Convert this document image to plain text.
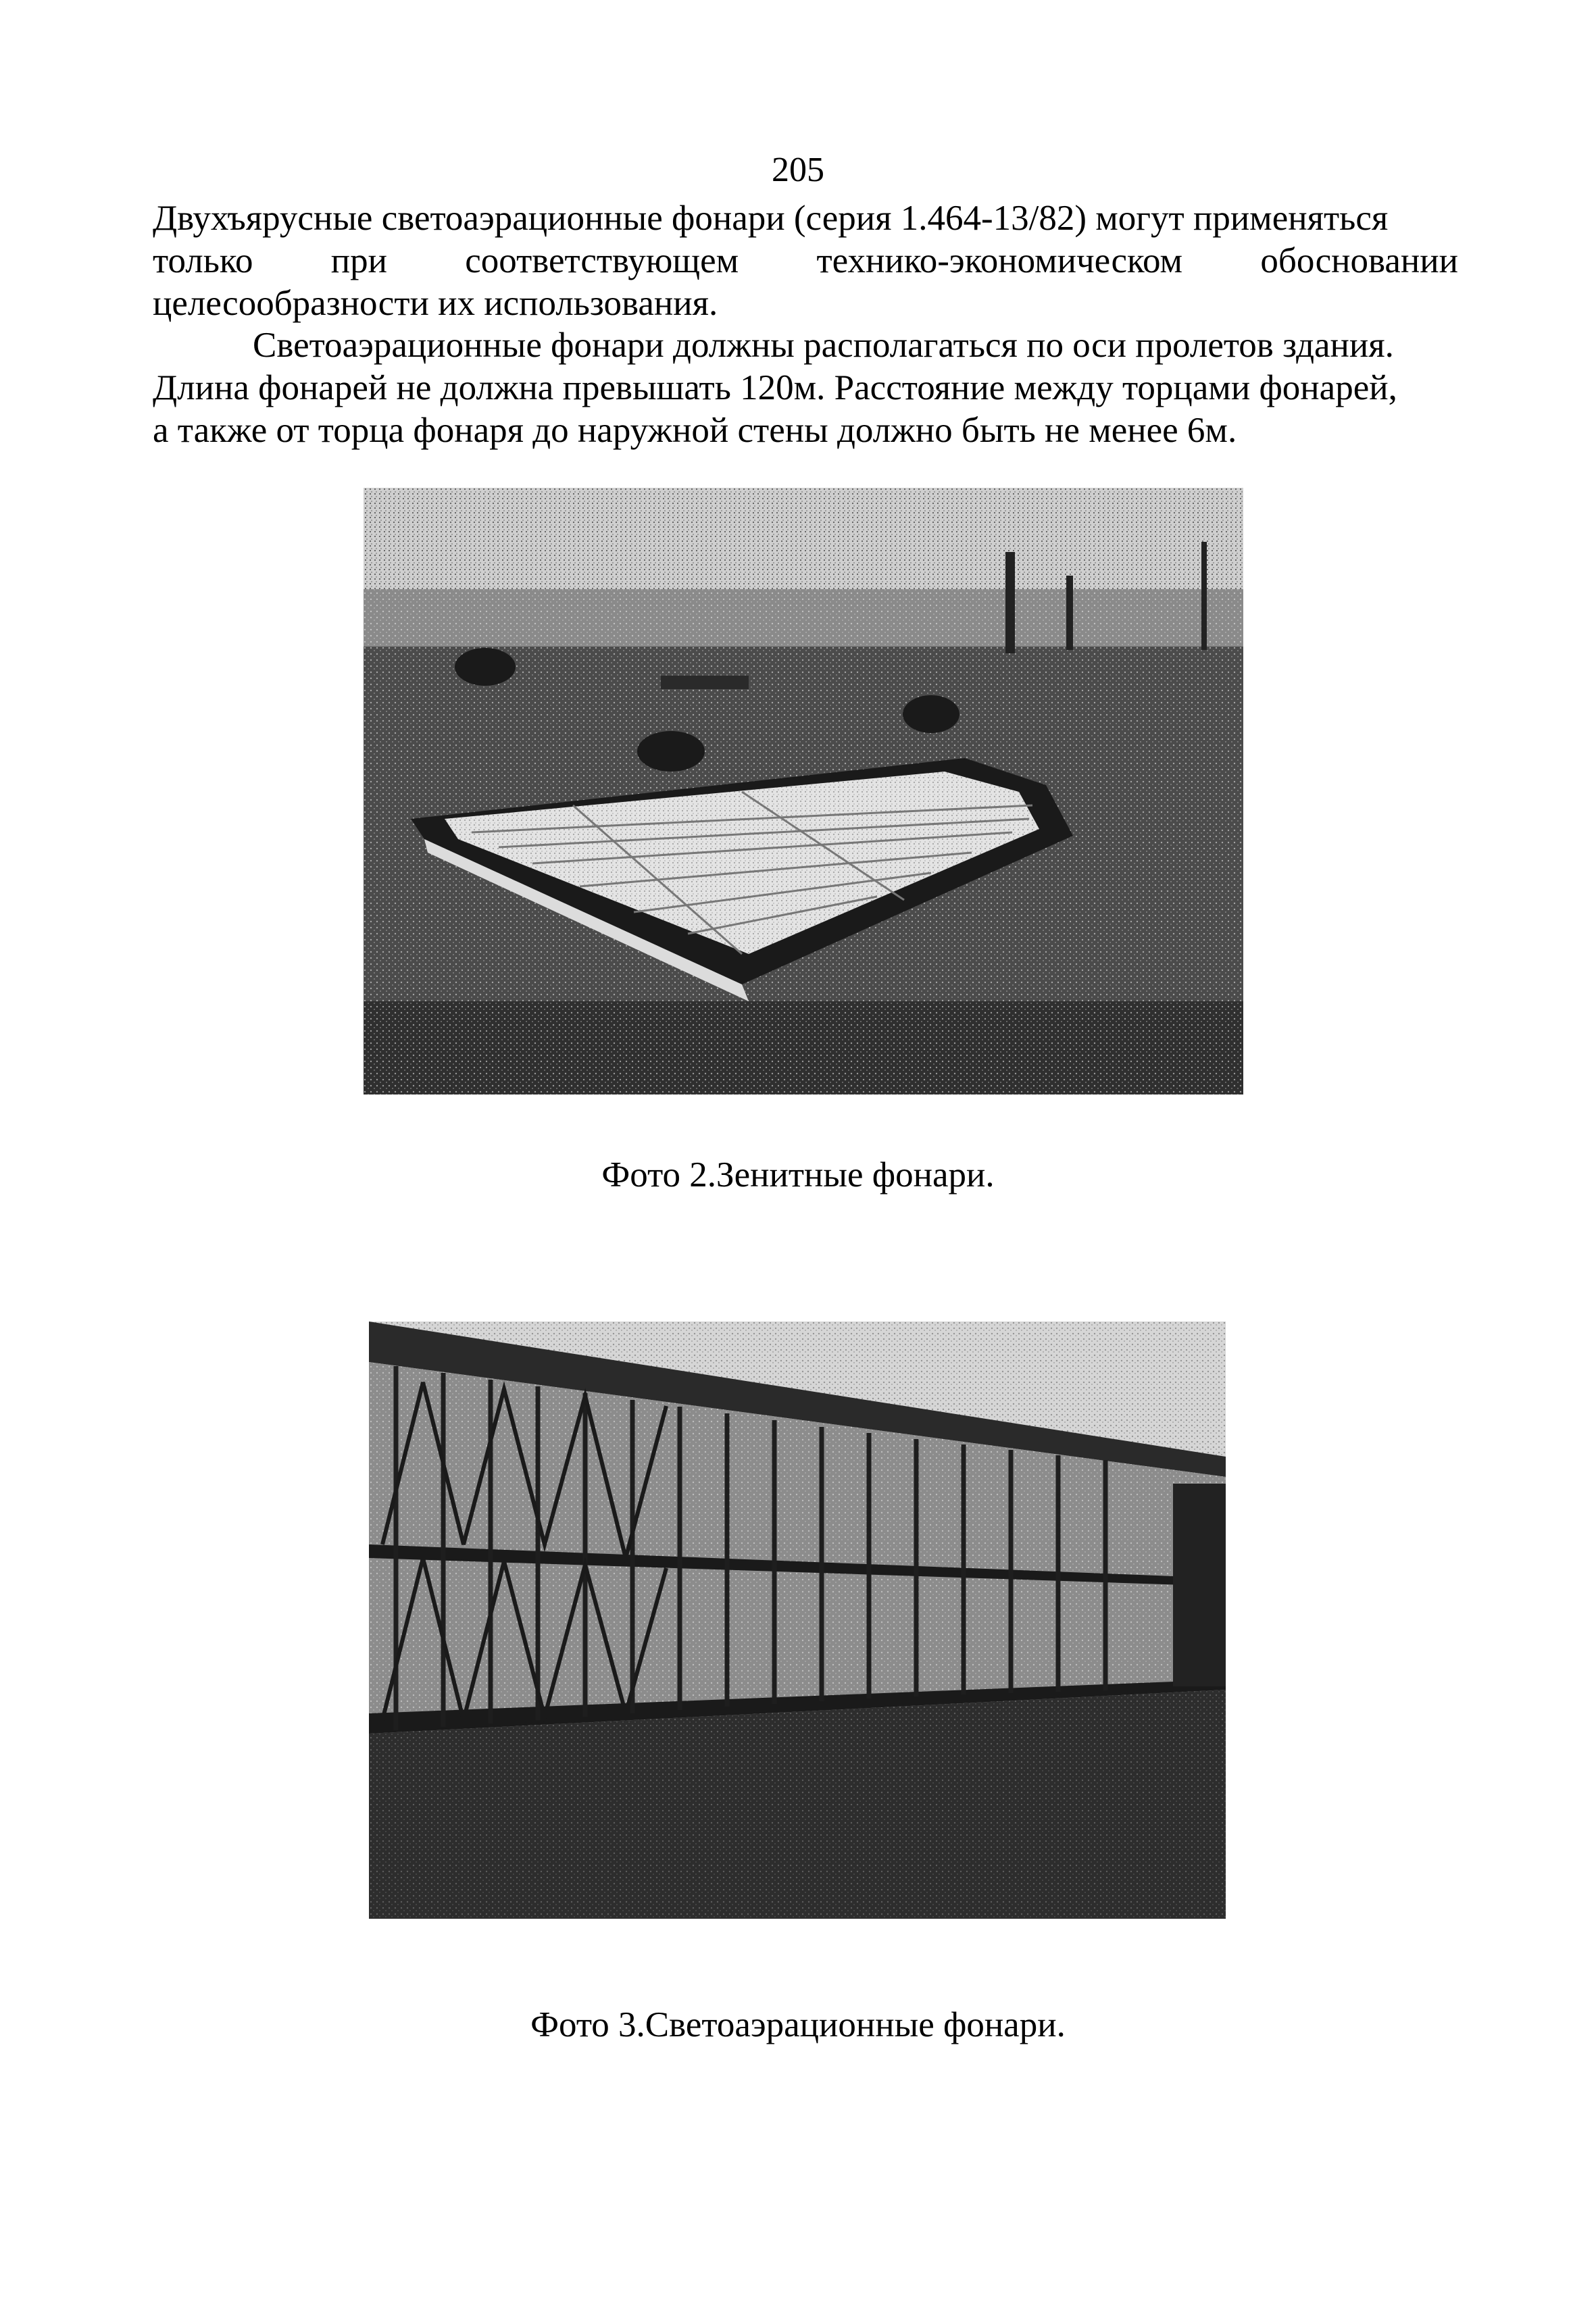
205

Двухъярусные светоаэрационные фонари (серия 1.464-13/82) могут применяться
только при соответствующем технико-экономическом обосновании
целесообразности их использования.

Светоаэрационные фонари должны располагаться по оси пролетов здания.
Длина фонарей не должна превышать 120м. Расстояние между торцами фонарей,
а также от торца фонаря до наружной стены должно быть не менее 6м.

Фото 2.Зенитные фонари.
Фото 3.Светоаэрационные фонари.
